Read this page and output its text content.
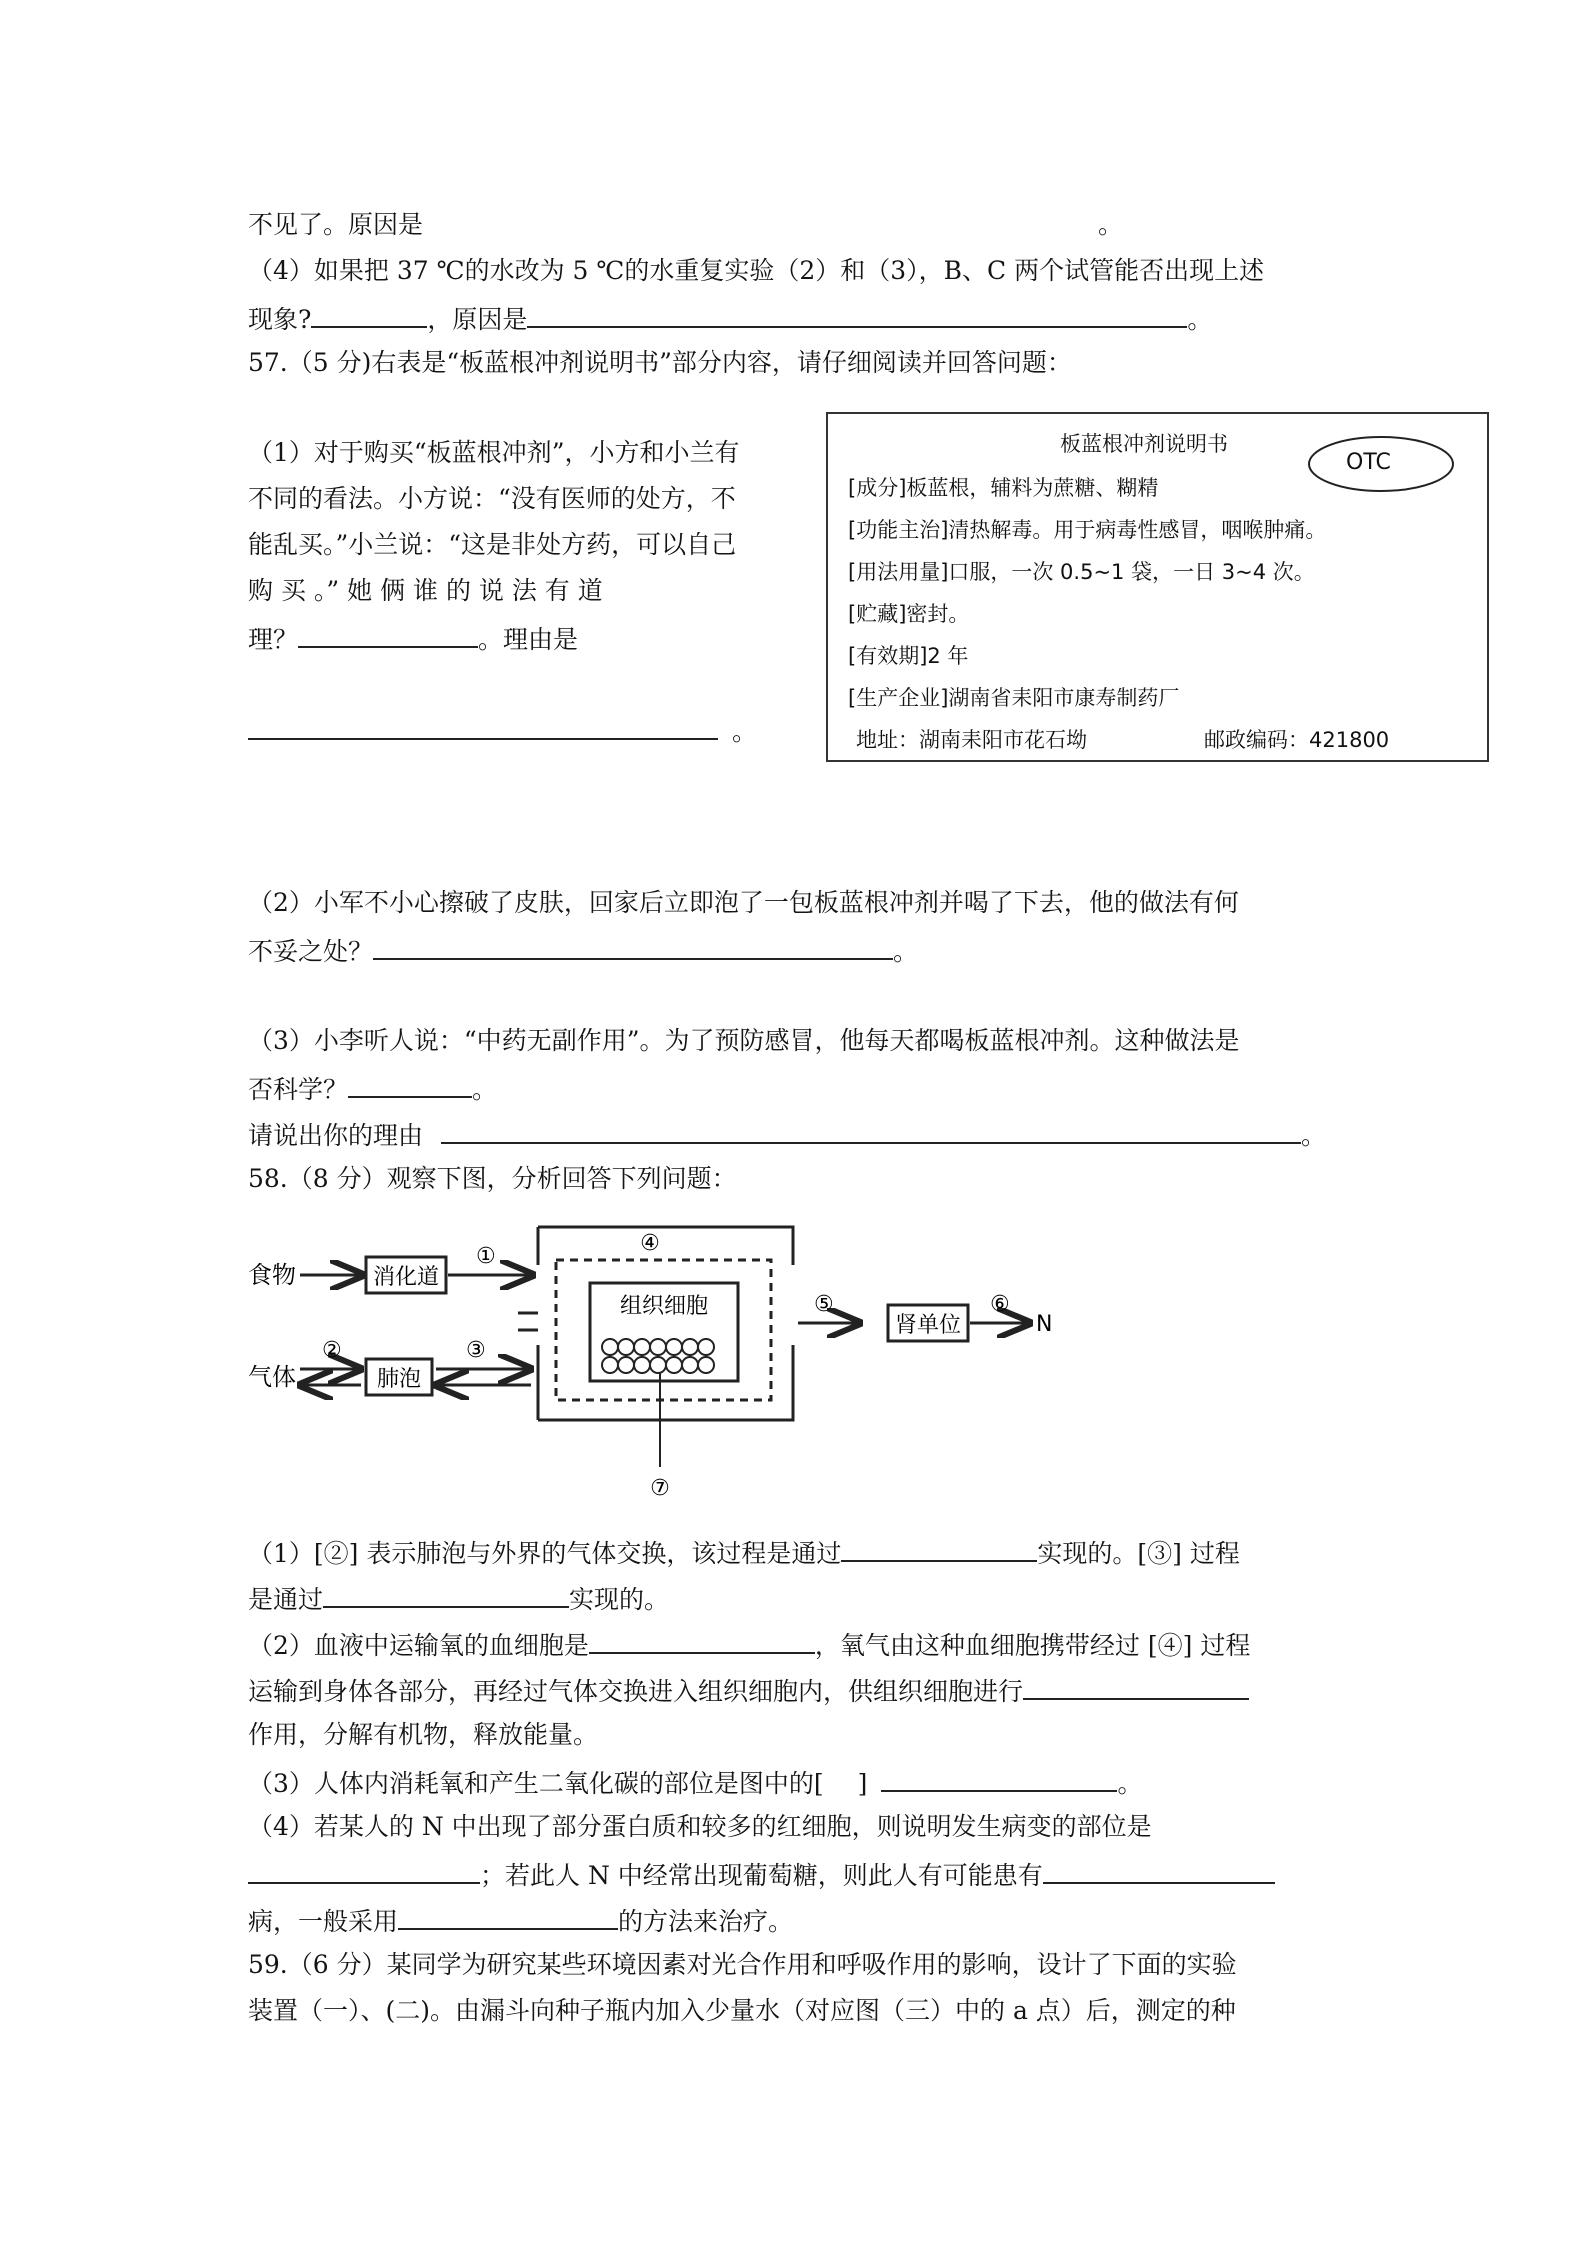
不见了。原因是	。
（4）如果把 37 ℃的水改为 5 ℃的水重复实验（2）和（3），B、C 两个试管能否出现上述
现象?	，原因是	。
57.（5 分)右表是“板蓝根冲剂说明书”部分内容，请仔细阅读并回答问题：
（1）对于购买“板蓝根冲剂”，小方和小兰有
不同的看法。小方说：“没有医师的处方，不
能乱买。”小兰说：“这是非处方药，可以自己
购 买 。” 她 俩 谁 的 说 法 有 道
理？	。理由是
。
板蓝根冲剂说明书
OTC
[成分]板蓝根，辅料为蔗糖、糊精
[功能主治]清热解毒。用于病毒性感冒，咽喉肿痛。
[用法用量]口服，一次 0.5~1 袋，一日 3~4 次。
[贮藏]密封。
[有效期]2 年
[生产企业]湖南省耒阳市康寿制药厂
地址：湖南耒阳市花石坳	邮政编码：421800
（2）小军不小心擦破了皮肤，回家后立即泡了一包板蓝根冲剂并喝了下去，他的做法有何
不妥之处？	。
（3）小李听人说：“中药无副作用”。为了预防感冒，他每天都喝板蓝根冲剂。这种做法是
否科学？	。
请说出你的理由	。
58.（8 分）观察下图，分析回答下列问题：
组织细胞
④
⑦
食物	消化道
①
气体
②
肺泡
③
⑤
肾单位
⑥
N
（1）[②] 表示肺泡与外界的气体交换，该过程是通过	实现的。[③] 过程
是通过	实现的。
（2）血液中运输氧的血细胞是	，氧气由这种血细胞携带经过 [④] 过程
运输到身体各部分，再经过气体交换进入组织细胞内，供组织细胞进行
作用，分解有机物，释放能量。
（3）人体内消耗氧和产生二氧化碳的部位是图中的[ ]	。
（4）若某人的 N 中出现了部分蛋白质和较多的红细胞，则说明发生病变的部位是
；若此人 N 中经常出现葡萄糖，则此人有可能患有
病，一般采用	的方法来治疗。
59.（6 分）某同学为研究某些环境因素对光合作用和呼吸作用的影响，设计了下面的实验
装置（一）、(二)。由漏斗向种子瓶内加入少量水（对应图（三）中的 a 点）后，测定的种
